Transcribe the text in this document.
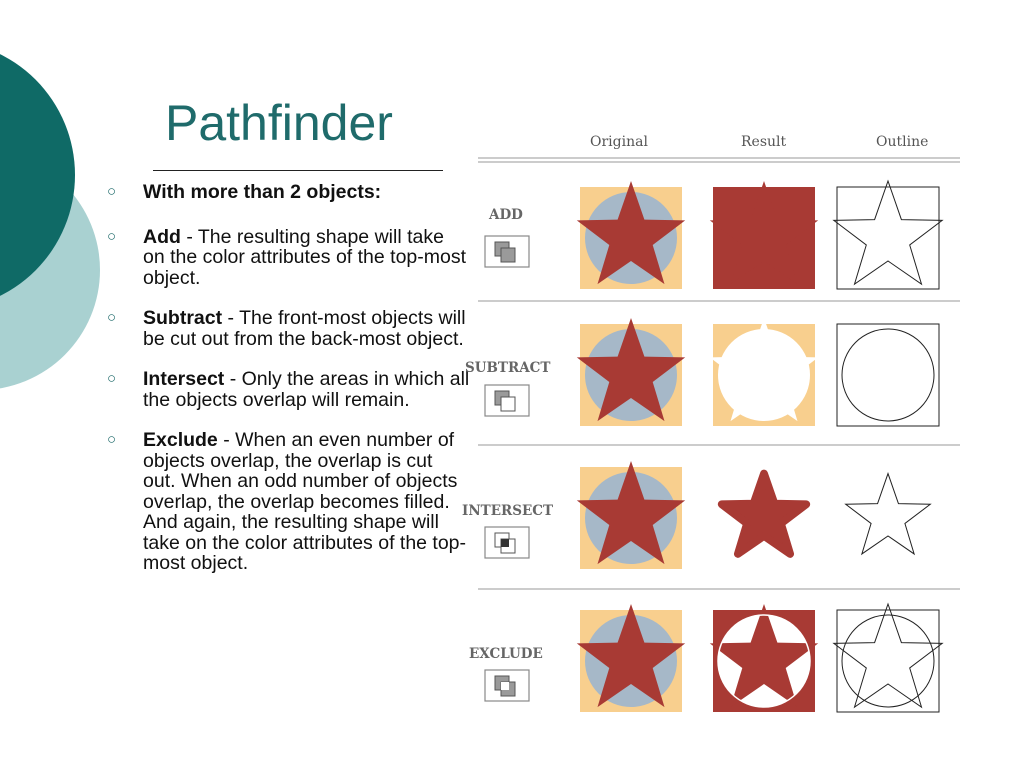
Pathfinder
○ With more than 2 objects:
○ Add - The resulting shape will take on the color attributes of the top-most object.
○ Subtract - The front-most objects will be cut out from the back-most object.
○ Intersect - Only the areas in which all the objects overlap will remain.
○ Exclude - When an even number of objects overlap, the overlap is cut out. When an odd number of objects overlap, the overlap becomes filled. And again, the resulting shape will take on the color attributes of the top-most object.
Original	Result	Outline
ADD
SUBTRACT
INTERSECT
EXCLUDE
